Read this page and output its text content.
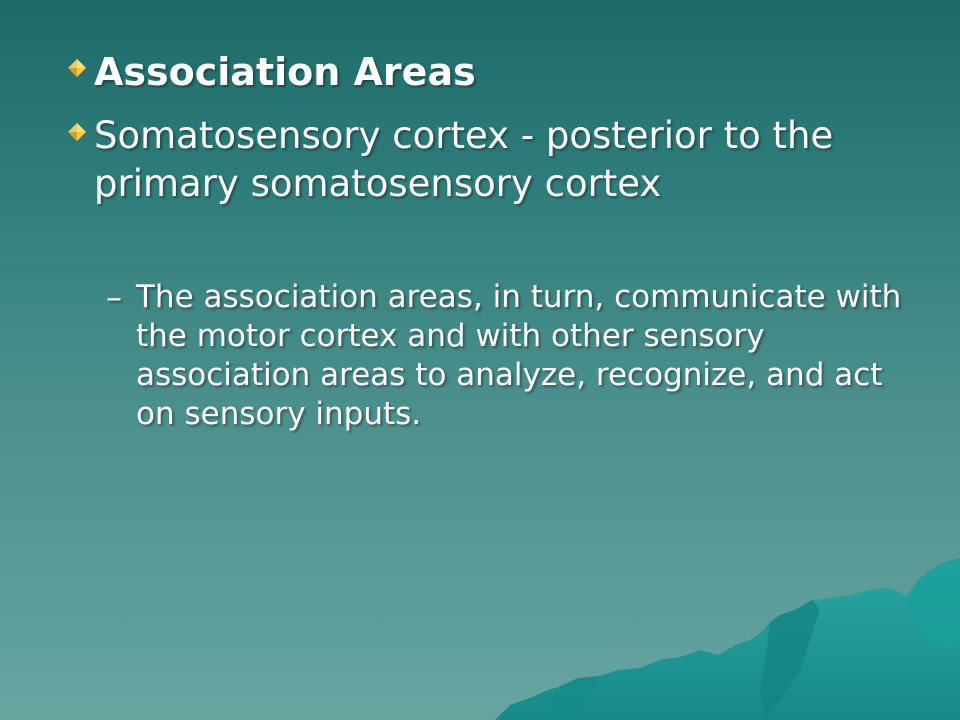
Association Areas
Somatosensory cortex - posterior to the primary somatosensory cortex
– The association areas, in turn, communicate with the motor cortex and with other sensory association areas to analyze, recognize, and act on sensory inputs.
